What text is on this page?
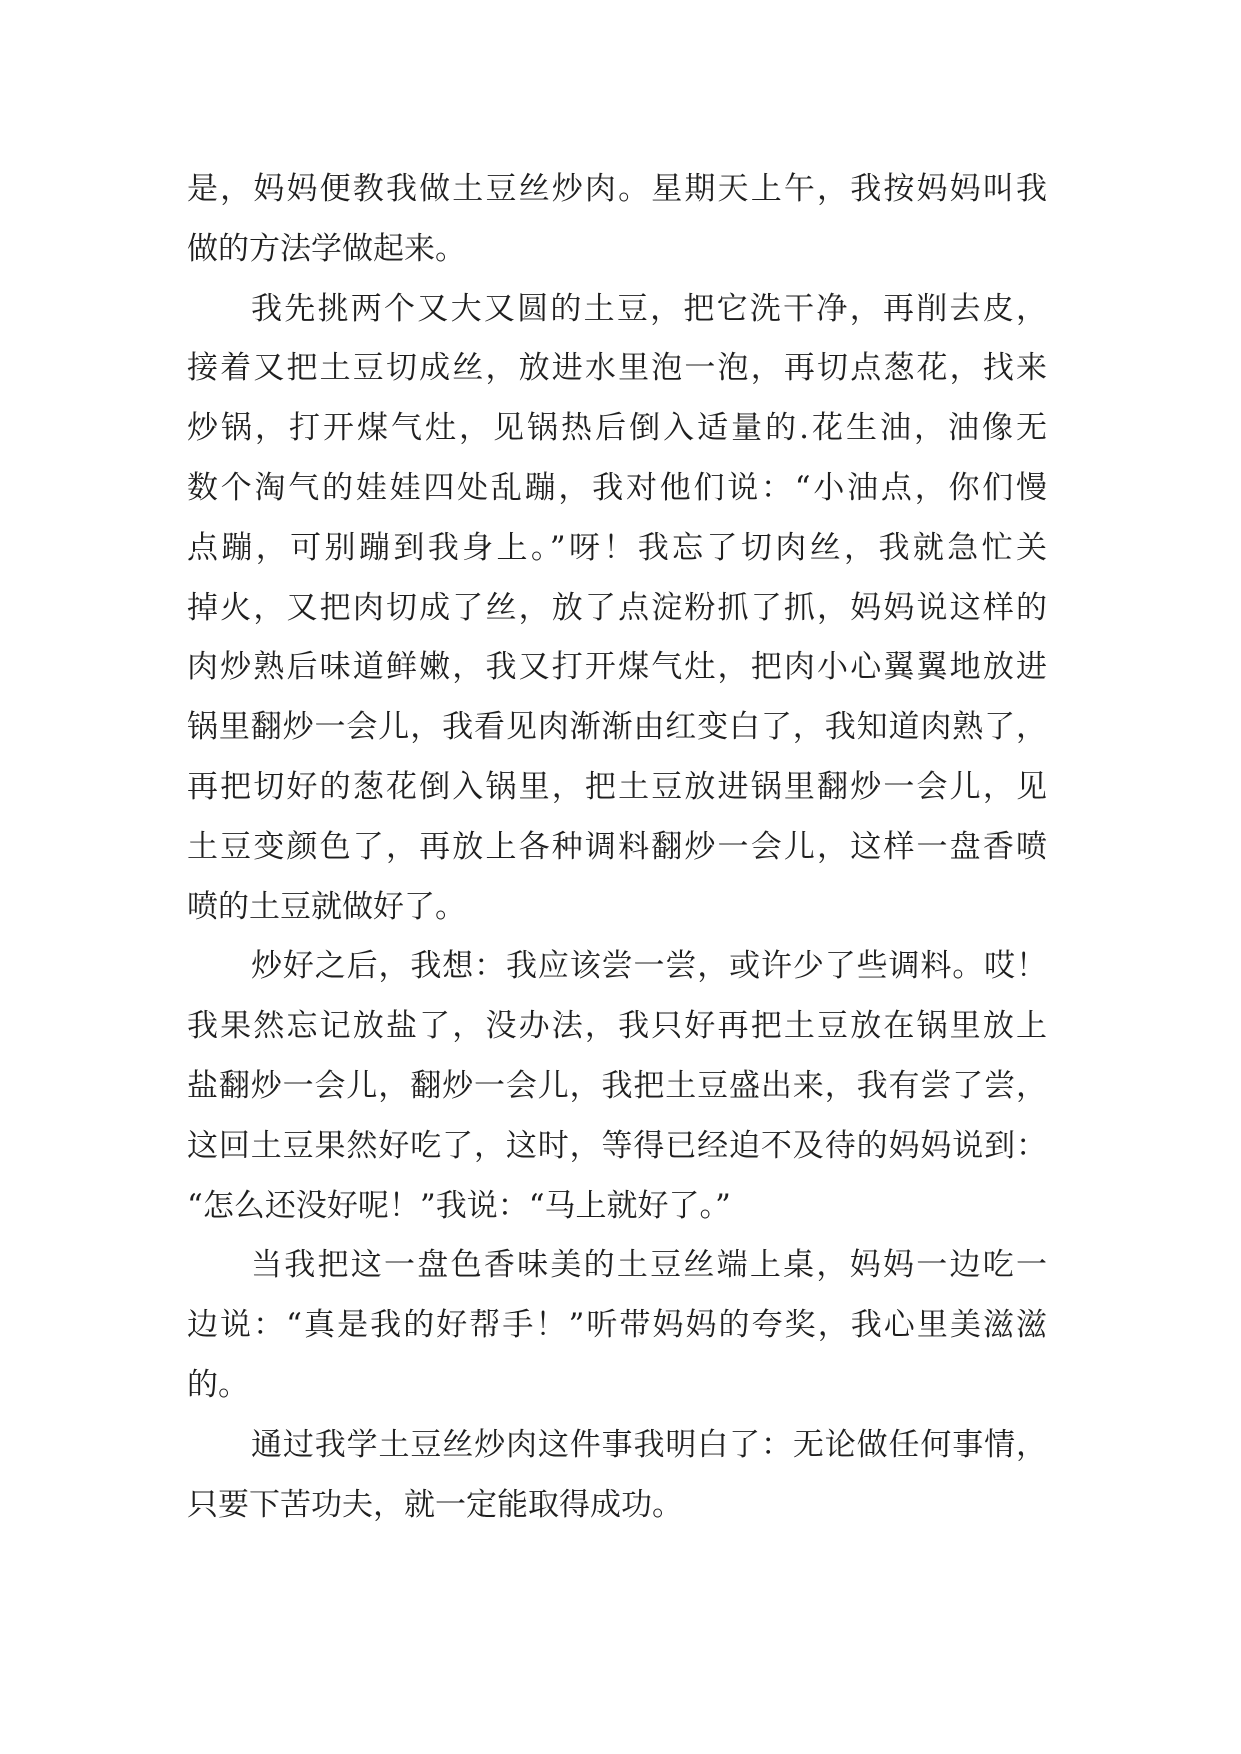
是，妈妈便教我做土豆丝炒肉。星期天上午，我按妈妈叫我
做的方法学做起来。
我先挑两个又大又圆的土豆，把它洗干净，再削去皮，
接着又把土豆切成丝，放进水里泡一泡，再切点葱花，找来
炒锅，打开煤气灶，见锅热后倒入适量的.花生油，油像无
数个淘气的娃娃四处乱蹦，我对他们说：“小油点，你们慢
点蹦，可别蹦到我身上。”呀！我忘了切肉丝，我就急忙关
掉火，又把肉切成了丝，放了点淀粉抓了抓，妈妈说这样的
肉炒熟后味道鲜嫩，我又打开煤气灶，把肉小心翼翼地放进
锅里翻炒一会儿，我看见肉渐渐由红变白了，我知道肉熟了，
再把切好的葱花倒入锅里，把土豆放进锅里翻炒一会儿，见
土豆变颜色了，再放上各种调料翻炒一会儿，这样一盘香喷
喷的土豆就做好了。
炒好之后，我想：我应该尝一尝，或许少了些调料。哎！
我果然忘记放盐了，没办法，我只好再把土豆放在锅里放上
盐翻炒一会儿，翻炒一会儿，我把土豆盛出来，我有尝了尝，
这回土豆果然好吃了，这时，等得已经迫不及待的妈妈说到：
“怎么还没好呢！”我说：“马上就好了。”
当我把这一盘色香味美的土豆丝端上桌，妈妈一边吃一
边说：“真是我的好帮手！”听带妈妈的夸奖，我心里美滋滋
的。
通过我学土豆丝炒肉这件事我明白了：无论做任何事情，
只要下苦功夫，就一定能取得成功。
